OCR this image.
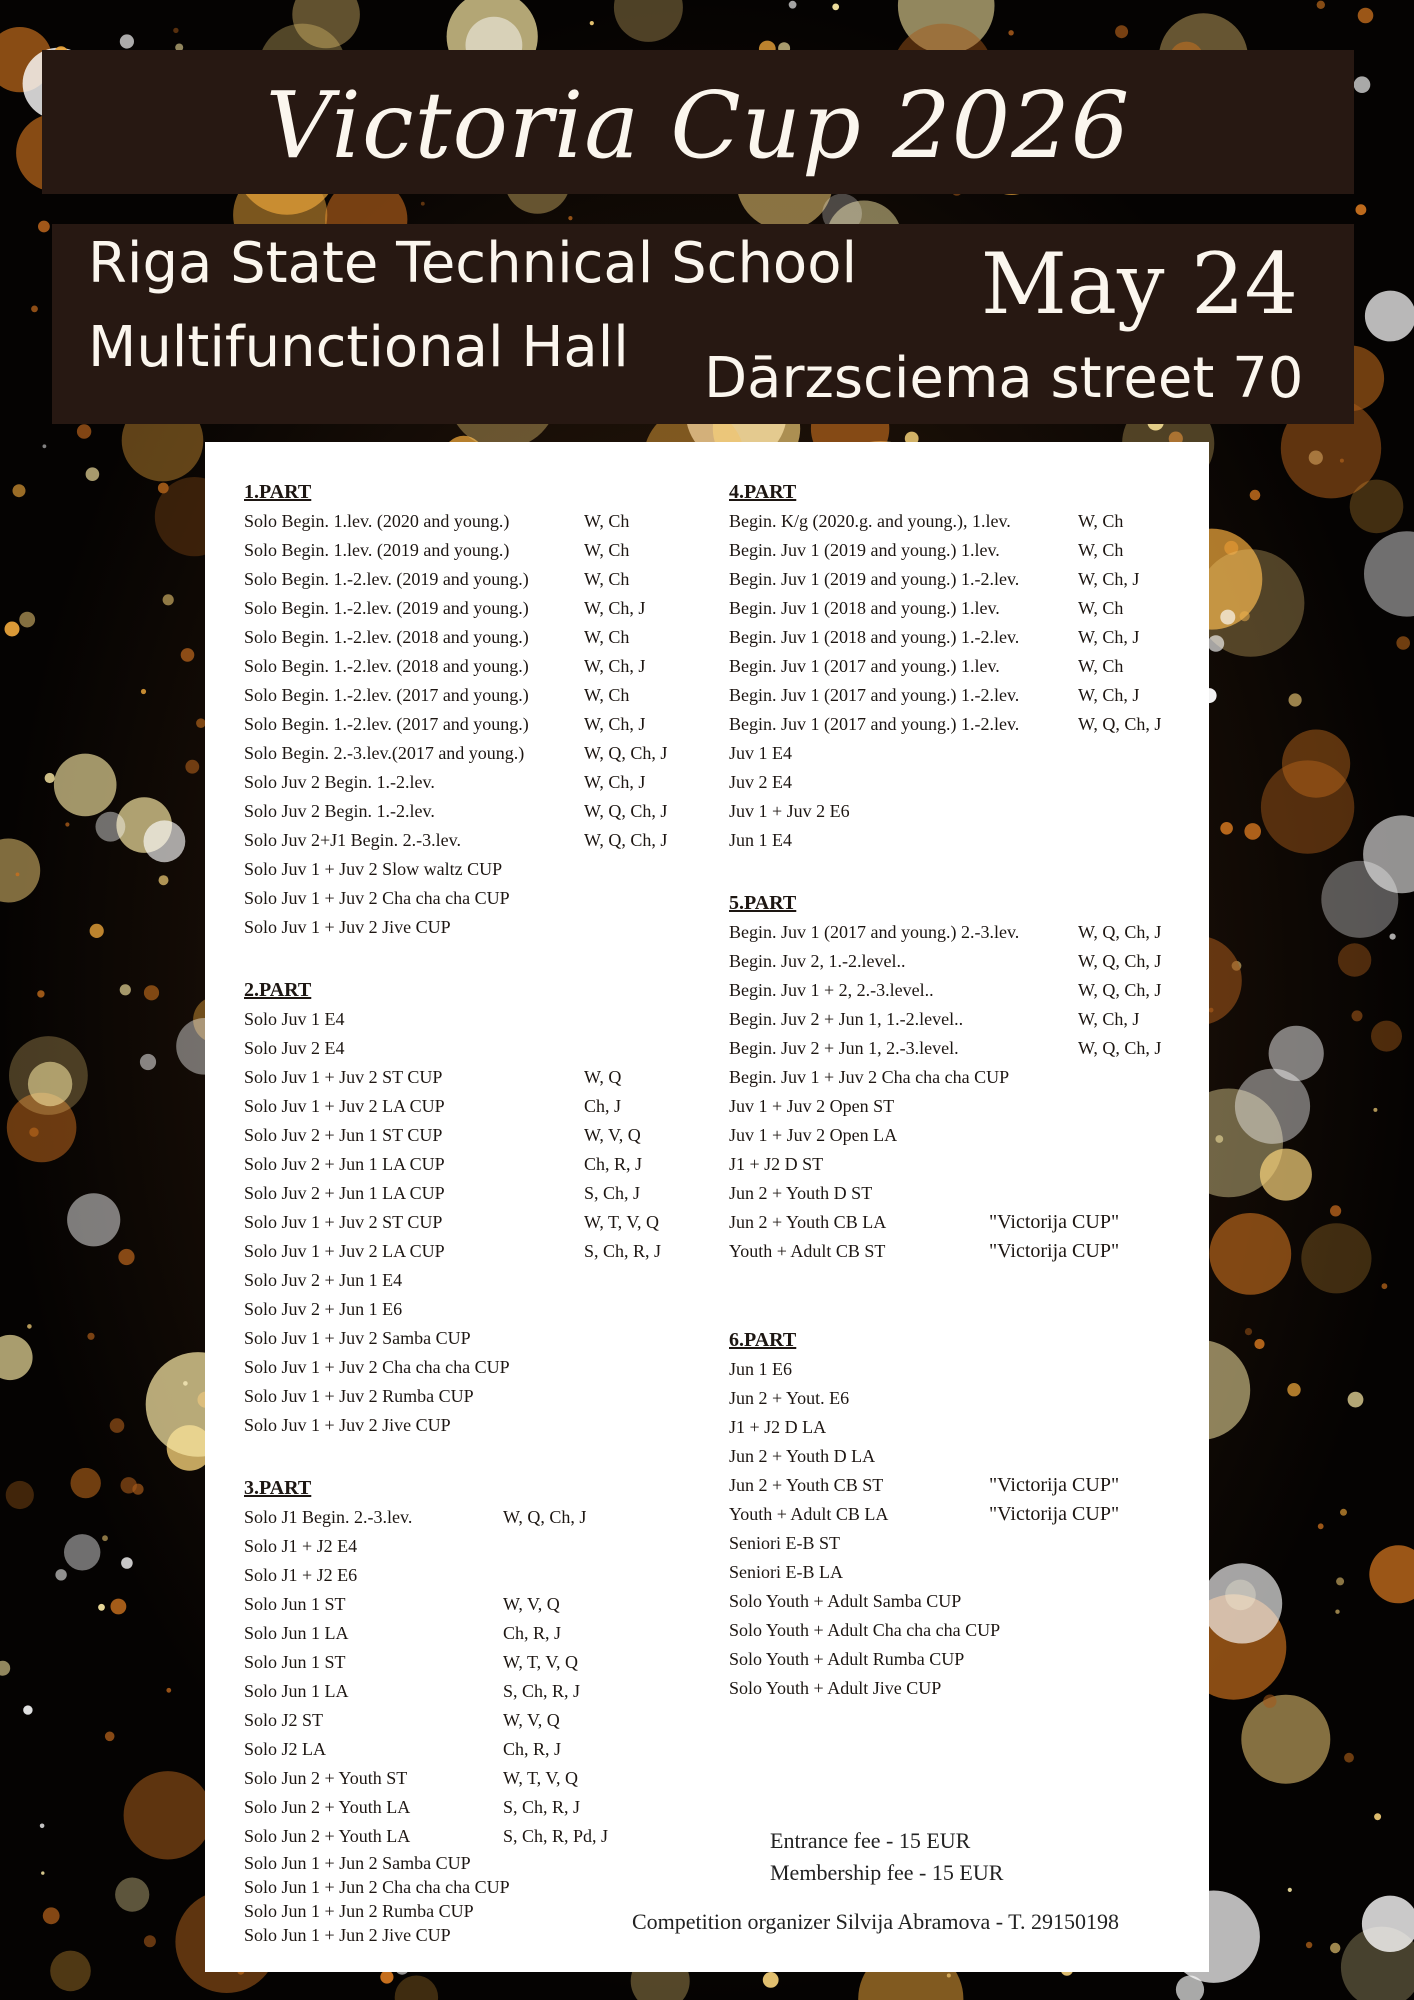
Victoria Cup 2026
Riga State Technical School
Multifunctional Hall
May 24
Dārzsciema street 70
1.PART
Solo Begin. 1.lev. (2020 and young.)	W, Ch
Solo Begin. 1.lev. (2019 and young.)	W, Ch
Solo Begin. 1.-2.lev. (2019 and young.)	W, Ch
Solo Begin. 1.-2.lev. (2019 and young.)	W, Ch, J
Solo Begin. 1.-2.lev. (2018 and young.)	W, Ch
Solo Begin. 1.-2.lev. (2018 and young.)	W, Ch, J
Solo Begin. 1.-2.lev. (2017 and young.)	W, Ch
Solo Begin. 1.-2.lev. (2017 and young.)	W, Ch, J
Solo Begin. 2.-3.lev.(2017 and young.)	W, Q, Ch, J
Solo Juv 2 Begin. 1.-2.lev.	W, Ch, J
Solo Juv 2 Begin. 1.-2.lev.	W, Q, Ch, J
Solo Juv 2+J1 Begin. 2.-3.lev.	W, Q, Ch, J
Solo Juv 1 + Juv 2 Slow waltz CUP
Solo Juv 1 + Juv 2 Cha cha cha CUP
Solo Juv 1 + Juv 2 Jive CUP
2.PART
Solo Juv 1 E4
Solo Juv 2 E4
Solo Juv 1 + Juv 2 ST CUP	W, Q
Solo Juv 1 + Juv 2 LA CUP	Ch, J
Solo Juv 2 + Jun 1 ST CUP	W, V, Q
Solo Juv 2 + Jun 1 LA CUP	Ch, R, J
Solo Juv 2 + Jun 1 LA CUP	S, Ch, J
Solo Juv 1 + Juv 2 ST CUP	W, T, V, Q
Solo Juv 1 + Juv 2 LA CUP	S, Ch, R, J
Solo Juv 2 + Jun 1 E4
Solo Juv 2 + Jun 1 E6
Solo Juv 1 + Juv 2 Samba CUP
Solo Juv 1 + Juv 2 Cha cha cha CUP
Solo Juv 1 + Juv 2 Rumba CUP
Solo Juv 1 + Juv 2 Jive CUP
3.PART
Solo J1 Begin. 2.-3.lev.	W, Q, Ch, J
Solo J1 + J2 E4
Solo J1 + J2 E6
Solo Jun 1 ST	W, V, Q
Solo Jun 1 LA	Ch, R, J
Solo Jun 1 ST	W, T, V, Q
Solo Jun 1 LA	S, Ch, R, J
Solo J2 ST	W, V, Q
Solo J2 LA	Ch, R, J
Solo Jun 2 + Youth ST	W, T, V, Q
Solo Jun 2 + Youth LA	S, Ch, R, J
Solo Jun 2 + Youth LA	S, Ch, R, Pd, J
Solo Jun 1 + Jun 2 Samba CUP
Solo Jun 1 + Jun 2 Cha cha cha CUP
Solo Jun 1 + Jun 2 Rumba CUP
Solo Jun 1 + Jun 2 Jive CUP
4.PART
Begin. K/g (2020.g. and young.), 1.lev.	W, Ch
Begin. Juv 1 (2019 and young.) 1.lev.	W, Ch
Begin. Juv 1 (2019 and young.) 1.-2.lev.	W, Ch, J
Begin. Juv 1 (2018 and young.) 1.lev.	W, Ch
Begin. Juv 1 (2018 and young.) 1.-2.lev.	W, Ch, J
Begin. Juv 1 (2017 and young.) 1.lev.	W, Ch
Begin. Juv 1 (2017 and young.) 1.-2.lev.	W, Ch, J
Begin. Juv 1 (2017 and young.) 1.-2.lev.	W, Q, Ch, J
Juv 1 E4
Juv 2 E4
Juv 1 + Juv 2 E6
Jun 1 E4
5.PART
Begin. Juv 1 (2017 and young.) 2.-3.lev.	W, Q, Ch, J
Begin. Juv 2, 1.-2.level..	W, Q, Ch, J
Begin. Juv 1 + 2, 2.-3.level..	W, Q, Ch, J
Begin. Juv 2 + Jun 1, 1.-2.level..	W, Ch, J
Begin. Juv 2 + Jun 1, 2.-3.level.	W, Q, Ch, J
Begin. Juv 1 + Juv 2 Cha cha cha CUP
Juv 1 + Juv 2 Open ST
Juv 1 + Juv 2 Open LA
J1 + J2 D ST
Jun 2 + Youth D ST
Jun 2 + Youth CB LA	"Victorija CUP"
Youth + Adult CB ST	"Victorija CUP"
6.PART
Jun 1 E6
Jun 2 + Yout. E6
J1 + J2 D LA
Jun 2 + Youth D LA
Jun 2 + Youth CB ST	"Victorija CUP"
Youth + Adult CB LA	"Victorija CUP"
Seniori E-B ST
Seniori E-B LA
Solo Youth + Adult Samba CUP
Solo Youth + Adult Cha cha cha CUP
Solo Youth + Adult Rumba CUP
Solo Youth + Adult Jive CUP
Entrance fee - 15 EUR
Membership fee - 15 EUR
Competition organizer Silvija Abramova - T. 29150198
